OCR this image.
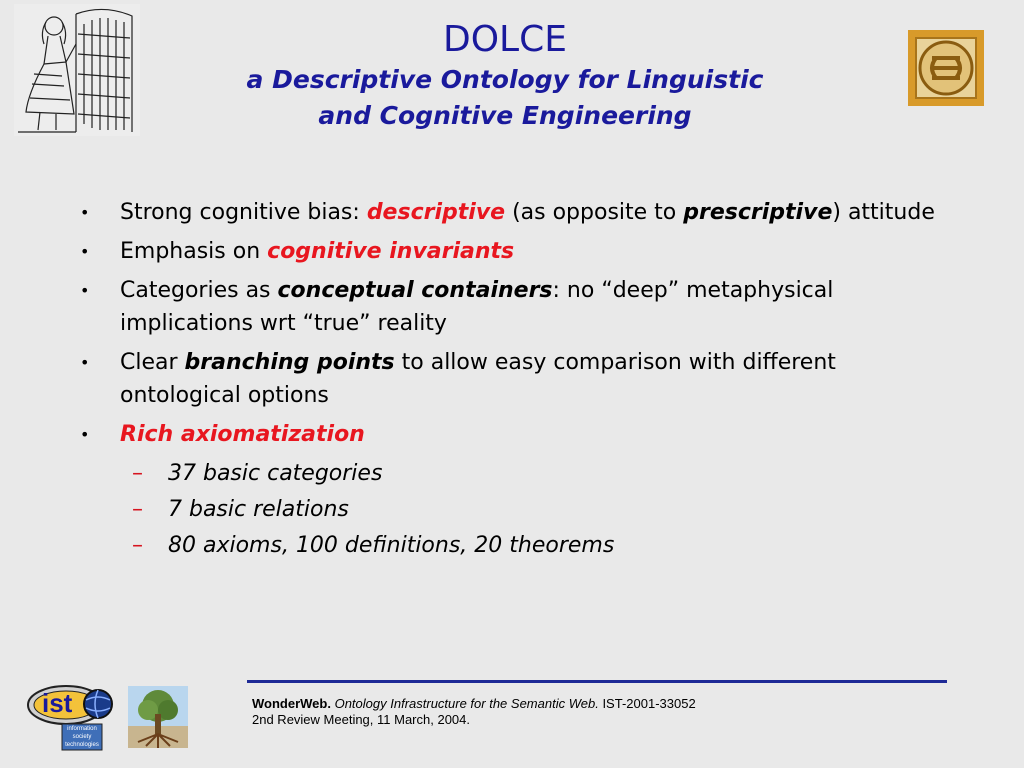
DOLCE
a Descriptive Ontology for Linguistic
and Cognitive Engineering
• Strong cognitive bias: descriptive (as opposite to prescriptive) attitude
• Emphasis on cognitive invariants
• Categories as conceptual containers: no “deep” metaphysical implications wrt “true” reality
• Clear branching points to allow easy comparison with different ontological options
• Rich axiomatization
– 37 basic categories
– 7 basic relations
– 80 axioms, 100 definitions, 20 theorems
ist
information
society
technologies
WonderWeb. Ontology Infrastructure for the Semantic Web. IST-2001-33052
2nd Review Meeting, 11 March, 2004.
